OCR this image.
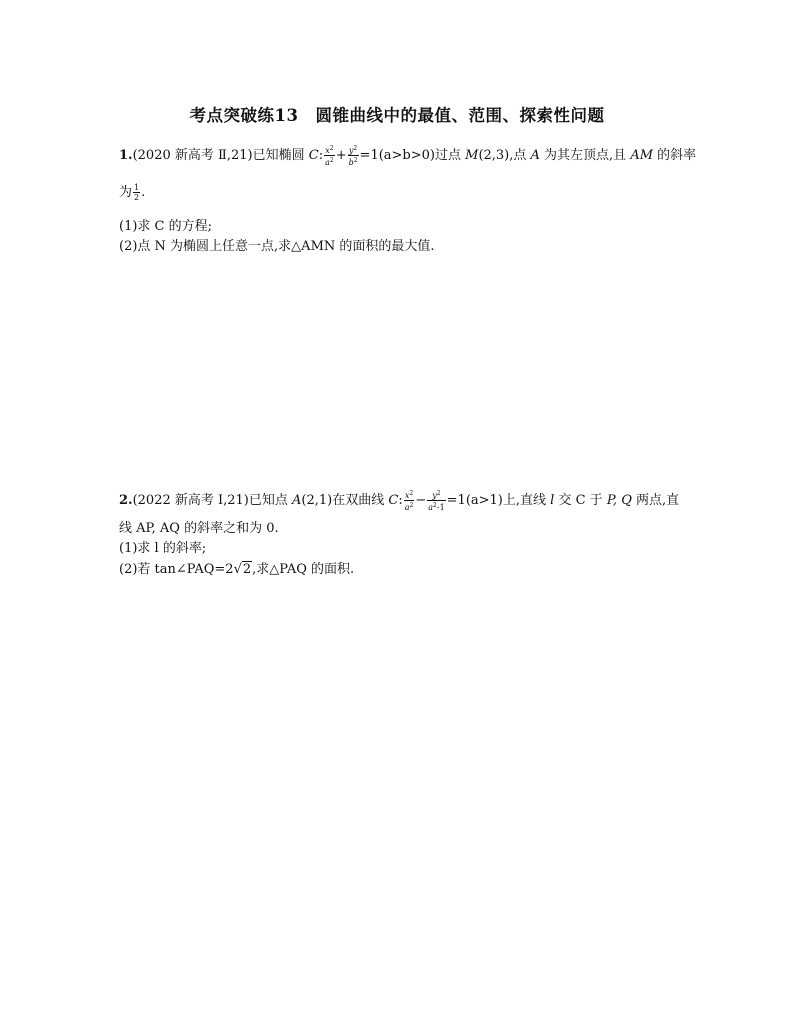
考点突破练13　圆锥曲线中的最值、范围、探索性问题
1.(2020 新高考 Ⅱ,21)已知椭圆 C: $\frac{x^2}{a^2} + \frac{y^2}{b^2} =1(a>b>0)$过点 M(2,3),点 A 为其左顶点,且 AM 的斜率
为 $\frac{1}{2}$ .
(1)求 C 的方程;
(2)点 N 为椭圆上任意一点,求△AMN 的面积的最大值.
2.(2022 新高考 Ⅰ,21)已知点 A(2,1)在双曲线 C: $\frac{x^2}{a^2} - \frac{y^2}{a^2-1} =1(a>1)$上,直线 l 交 C 于 P, Q 两点,直
线 AP, AQ 的斜率之和为 0.
(1)求 l 的斜率;
(2)若 tan∠PAQ=2√2,求△PAQ 的面积.
